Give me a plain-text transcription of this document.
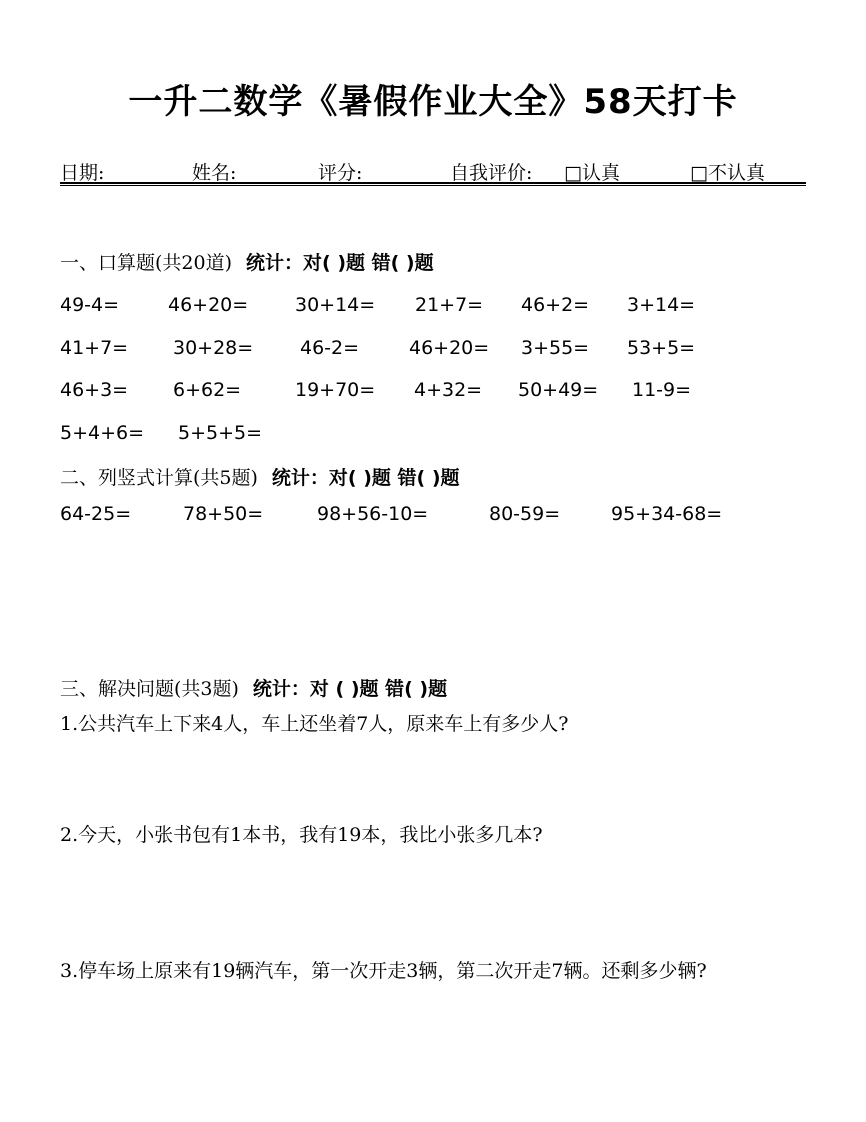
一升二数学《暑假作业大全》58天打卡
日期:	姓名:	评分:	自我评价: □认真	□不认真
一、口算题(共20道) 统计：对( )题 错( )题
49-4=	46+20= 30+14= 21+7= 46+2= 3+14=
41+7= 30+28= 46-2=	46+20= 3+55= 53+5=
46+3= 6+62=	19+70= 4+32= 50+49= 11-9=
5+4+6= 5+5+5=
二、列竖式计算(共5题) 统计：对( )题 错( )题
64-25=	78+50=	98+56-10=	80-59=	95+34-68=
三、解决问题(共3题) 统计：对 ( )题 错( )题
1.公共汽车上下来4人，车上还坐着7人，原来车上有多少人?
2.今天，小张书包有1本书，我有19本，我比小张多几本?
3.停车场上原来有19辆汽车，第一次开走3辆，第二次开走7辆。还剩多少辆?
